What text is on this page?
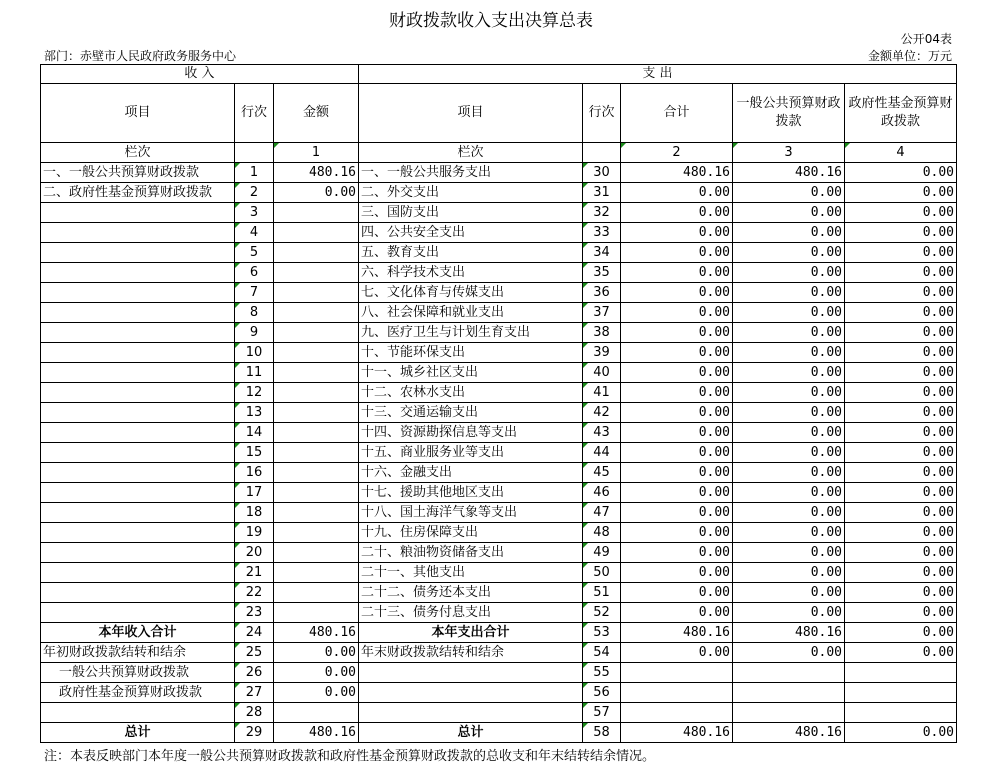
财政拨款收入支出决算总表
公开04表
部门：赤壁市人民政府政务服务中心	金额单位：万元
收 入			支 出				
项目	行次	金额	项目	行次	合计	一般公共预算财政拨款	政府性基金预算财政拨款
栏次		1	栏次		2	3	4
一、一般公共预算财政拨款	1	480.16	一、一般公共服务支出	30	480.16	480.16	0.00
二、政府性基金预算财政拨款	2	0.00	二、外交支出	31	0.00	0.00	0.00
	3		三、国防支出	32	0.00	0.00	0.00
	4		四、公共安全支出	33	0.00	0.00	0.00
	5		五、教育支出	34	0.00	0.00	0.00
	6		六、科学技术支出	35	0.00	0.00	0.00
	7		七、文化体育与传媒支出	36	0.00	0.00	0.00
	8		八、社会保障和就业支出	37	0.00	0.00	0.00
	9		九、医疗卫生与计划生育支出	38	0.00	0.00	0.00
	10		十、节能环保支出	39	0.00	0.00	0.00
	11		十一、城乡社区支出	40	0.00	0.00	0.00
	12		十二、农林水支出	41	0.00	0.00	0.00
	13		十三、交通运输支出	42	0.00	0.00	0.00
	14		十四、资源勘探信息等支出	43	0.00	0.00	0.00
	15		十五、商业服务业等支出	44	0.00	0.00	0.00
	16		十六、金融支出	45	0.00	0.00	0.00
	17		十七、援助其他地区支出	46	0.00	0.00	0.00
	18		十八、国土海洋气象等支出	47	0.00	0.00	0.00
	19		十九、住房保障支出	48	0.00	0.00	0.00
	20		二十、粮油物资储备支出	49	0.00	0.00	0.00
	21		二十一、其他支出	50	0.00	0.00	0.00
	22		二十二、债务还本支出	51	0.00	0.00	0.00
	23		二十三、债务付息支出	52	0.00	0.00	0.00
本年收入合计	24	480.16	本年支出合计	53	480.16	480.16	0.00
年初财政拨款结转和结余	25	0.00	年末财政拨款结转和结余	54	0.00	0.00	0.00
一般公共预算财政拨款	26	0.00		55			
政府性基金预算财政拨款	27	0.00		56			
	28			57			
总计	29	480.16	总计	58	480.16	480.16	0.00
注：本表反映部门本年度一般公共预算财政拨款和政府性基金预算财政拨款的总收支和年末结转结余情况。
